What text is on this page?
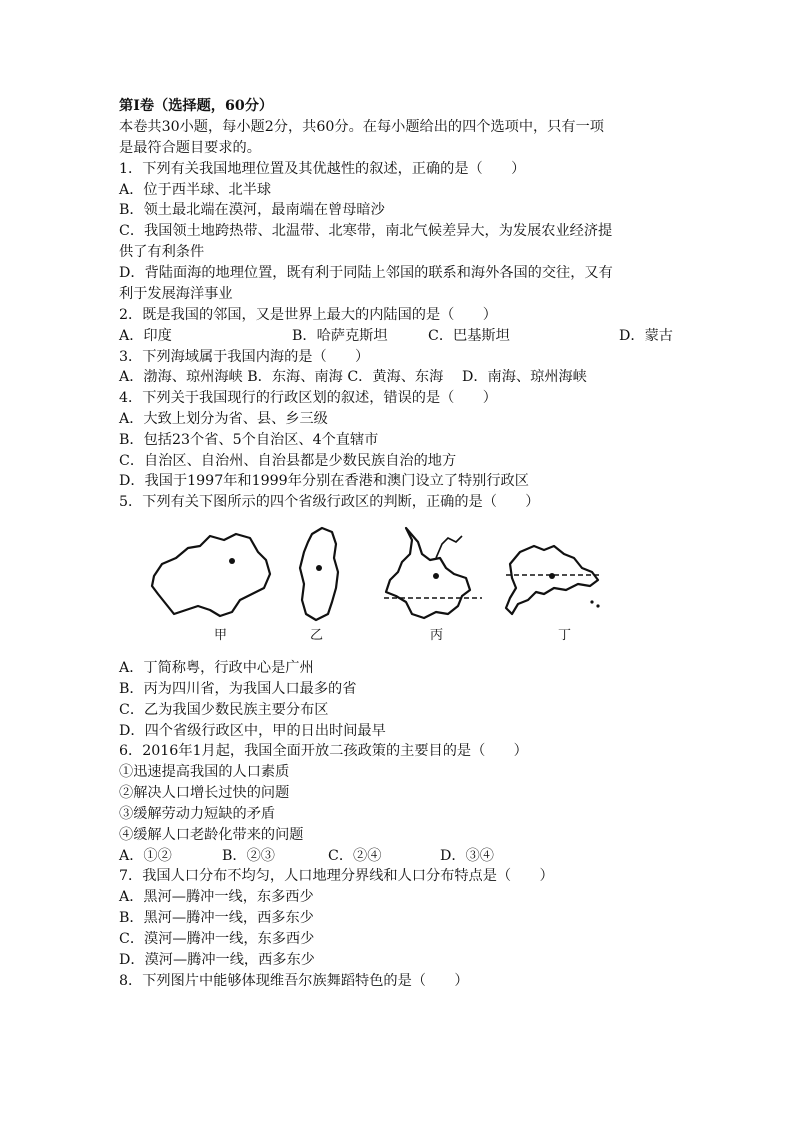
第Ⅰ卷（选择题，60分）
本卷共30小题，每小题2分，共60分。在每小题给出的四个选项中，只有一项
是最符合题目要求的。
1．下列有关我国地理位置及其优越性的叙述，正确的是（　　）
A．位于西半球、北半球
B．领土最北端在漠河，最南端在曾母暗沙
C．我国领土地跨热带、北温带、北寒带，南北气候差异大，为发展农业经济提
供了有利条件
D．背陆面海的地理位置，既有利于同陆上邻国的联系和海外各国的交往，又有
利于发展海洋事业
2．既是我国的邻国，又是世界上最大的内陆国的是（　　）
A．印度	B．哈萨克斯坦	C．巴基斯坦	D．蒙古
3．下列海域属于我国内海的是（　　）
A．渤海、琼州海峡 B．东海、南海 C．黄海、东海　 D．南海、琼州海峡
4．下列关于我国现行的行政区划的叙述，错误的是（　　）
A．大致上划分为省、县、乡三级
B．包括23个省、5个自治区、4个直辖市
C．自治区、自治州、自治县都是少数民族自治的地方
D．我国于1997年和1999年分别在香港和澳门设立了特别行政区
5．下列有关下图所示的四个省级行政区的判断，正确的是（　　）
甲	乙	丙	丁
A．丁简称粤，行政中心是广州
B．丙为四川省，为我国人口最多的省
C．乙为我国少数民族主要分布区
D．四个省级行政区中，甲的日出时间最早
6．2016年1月起，我国全面开放二孩政策的主要目的是（　　）
①迅速提高我国的人口素质
②解决人口增长过快的问题
③缓解劳动力短缺的矛盾
④缓解人口老龄化带来的问题
A．①②	B．②③	C．②④	D．③④
7．我国人口分布不均匀，人口地理分界线和人口分布特点是（　　）
A．黑河—腾冲一线，东多西少
B．黑河—腾冲一线，西多东少
C．漠河—腾冲一线，东多西少
D．漠河—腾冲一线，西多东少
8．下列图片中能够体现维吾尔族舞蹈特色的是（　　）
